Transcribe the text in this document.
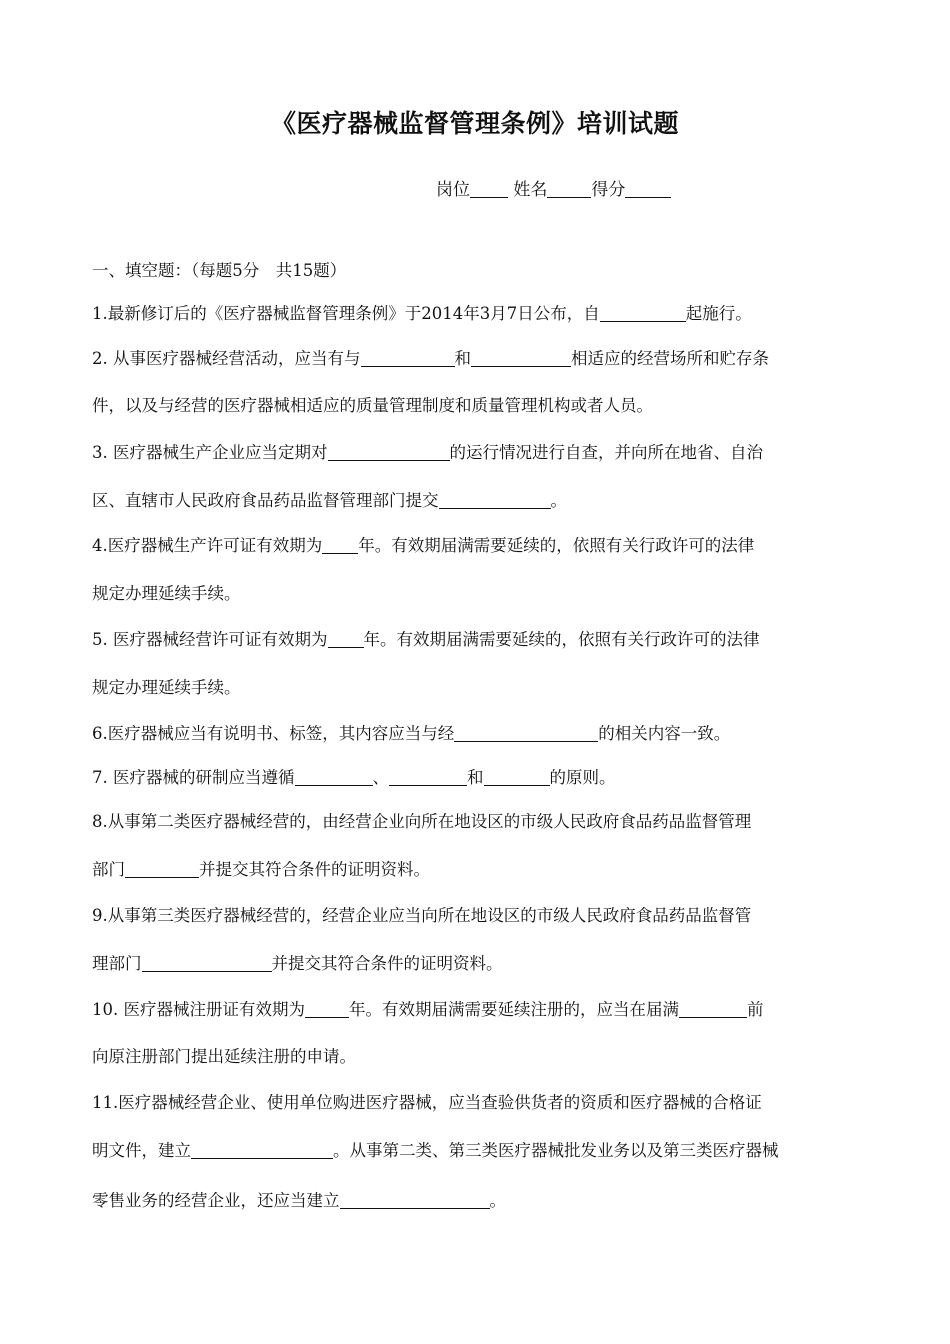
《医疗器械监督管理条例》培训试题
岗位	姓名	得分
一、填空题：（每题5分　共15题）
1.最新修订后的《医疗器械监督管理条例》于2014年3月7日公布，自	起施行。
2. 从事医疗器械经营活动，应当有与	和	相适应的经营场所和贮存条
件，以及与经营的医疗器械相适应的质量管理制度和质量管理机构或者人员。
3. 医疗器械生产企业应当定期对	的运行情况进行自查，并向所在地省、自治
区、直辖市人民政府食品药品监督管理部门提交	。
4.医疗器械生产许可证有效期为 年。有效期届满需要延续的，依照有关行政许可的法律
规定办理延续手续。
5. 医疗器械经营许可证有效期为 年。有效期届满需要延续的，依照有关行政许可的法律
规定办理延续手续。
6.医疗器械应当有说明书、标签，其内容应当与经	的相关内容一致。
7. 医疗器械的研制应当遵循	、	和	的原则。
8.从事第二类医疗器械经营的，由经营企业向所在地设区的市级人民政府食品药品监督管理
部门	并提交其符合条件的证明资料。
9.从事第三类医疗器械经营的，经营企业应当向所在地设区的市级人民政府食品药品监督管
理部门	并提交其符合条件的证明资料。
10. 医疗器械注册证有效期为	年。有效期届满需要延续注册的，应当在届满	前
向原注册部门提出延续注册的申请。
11.医疗器械经营企业、使用单位购进医疗器械，应当查验供货者的资质和医疗器械的合格证
明文件，建立	。从事第二类、第三类医疗器械批发业务以及第三类医疗器械
零售业务的经营企业，还应当建立	。
